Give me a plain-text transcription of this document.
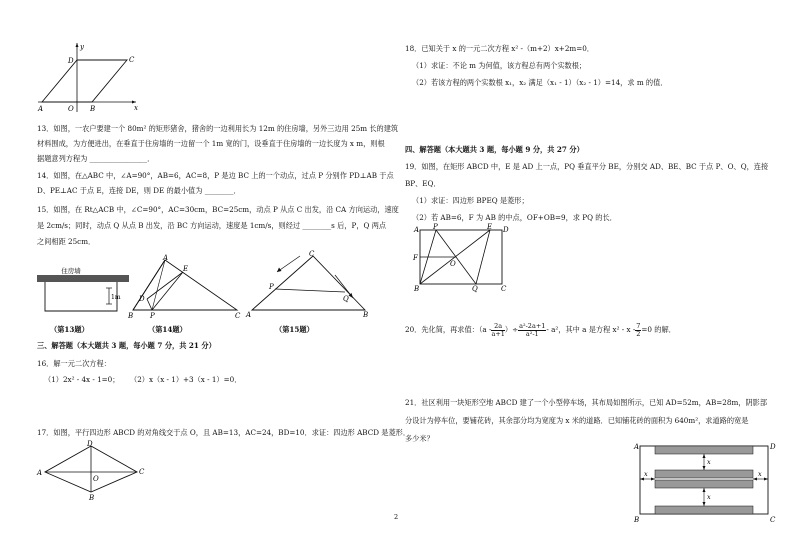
y
x
A	O B
C
D
13．如图，一农户要建一个 80m² 的矩形猪舍，猪舍的一边利用长为 12m 的住房墙，另外三边用 25m 长的建筑
材料围成，为方便进出，在垂直于住房墙的一边留一个 1m 宽的门，设垂直于住房墙的一边长度为 x m，则根
据题意列方程为 ________________．
14．如图，在△ABC 中，∠A=90°，AB=6，AC=8，P 是边 BC 上的一个动点，过点 P 分别作 PD⊥AB 于点
D、PE⊥AC 于点 E，连接 DE，则 DE 的最小值为 ________．
15．如图，在 Rt△ACB 中，∠C=90°，AC=30cm，BC=25cm，动点 P 从点 C 出发，沿 CA 方向运动，速度
是 2cm/s；同时，动点 Q 从点 B 出发，沿 BC 方向运动，速度是 1cm/s，则经过 ________s 后，P，Q 两点
之间相距 25cm．
住房墙
1m
（第13题）
A
E
D
B P	C
（第14题）
C
P
Q
A	B
（第15题）
三、解答题（本大题共 3 题，每小题 7 分，共 21 分）
16．解一元二次方程：
（1）2x² - 4x - 1=0； （2）x（x - 1）+3（x - 1）=0．
17．如图，平行四边形 ABCD 的对角线交于点 O，且 AB=13，AC=24，BD=10．求证：四边形 ABCD 是菱形．
D
A
O
C
B
2
18．已知关于 x 的一元二次方程 x² -（m+2）x+2m=0．
（1）求证：不论 m 为何值，该方程总有两个实数根；
（2）若该方程的两个实数根 x₁，x₂ 满足（x₁ - 1）（x₂ - 1）=14，求 m 的值．
四、解答题（本大题共 3 题，每小题 9 分，共 27 分）
19．如图，在矩形 ABCD 中，E 是 AD 上一点，PQ 垂直平分 BE，分别交 AD、BE、BC 于点 P、O、Q，连接
BP、EQ．
（1）求证：四边形 BPEQ 是菱形；
（2）若 AB=6，F 为 AB 的中点，OF+OB=9，求 PQ 的长．
A P	E D
F
O
B	Q	C
20．先化简，再求值：（$a - \frac{2a}{a+1}$ ）÷ $\frac{\text{a²-2a+1}}{\text{a²-1}} - a^2$，其中 a 是方程 $x^2 - x - \frac{7}{2} =0$ 的解．
21．社区利用一块矩形空地 ABCD 建了一个小型停车场，其布局如图所示，已知 AD=52m，AB=28m，阴影部
分设计为停车位，要铺花砖，其余部分均为宽度为 x 米的道路．已知铺花砖的面积为 640m²，求道路的宽是
多少米？
x
x
x	x
A	D
B	C
